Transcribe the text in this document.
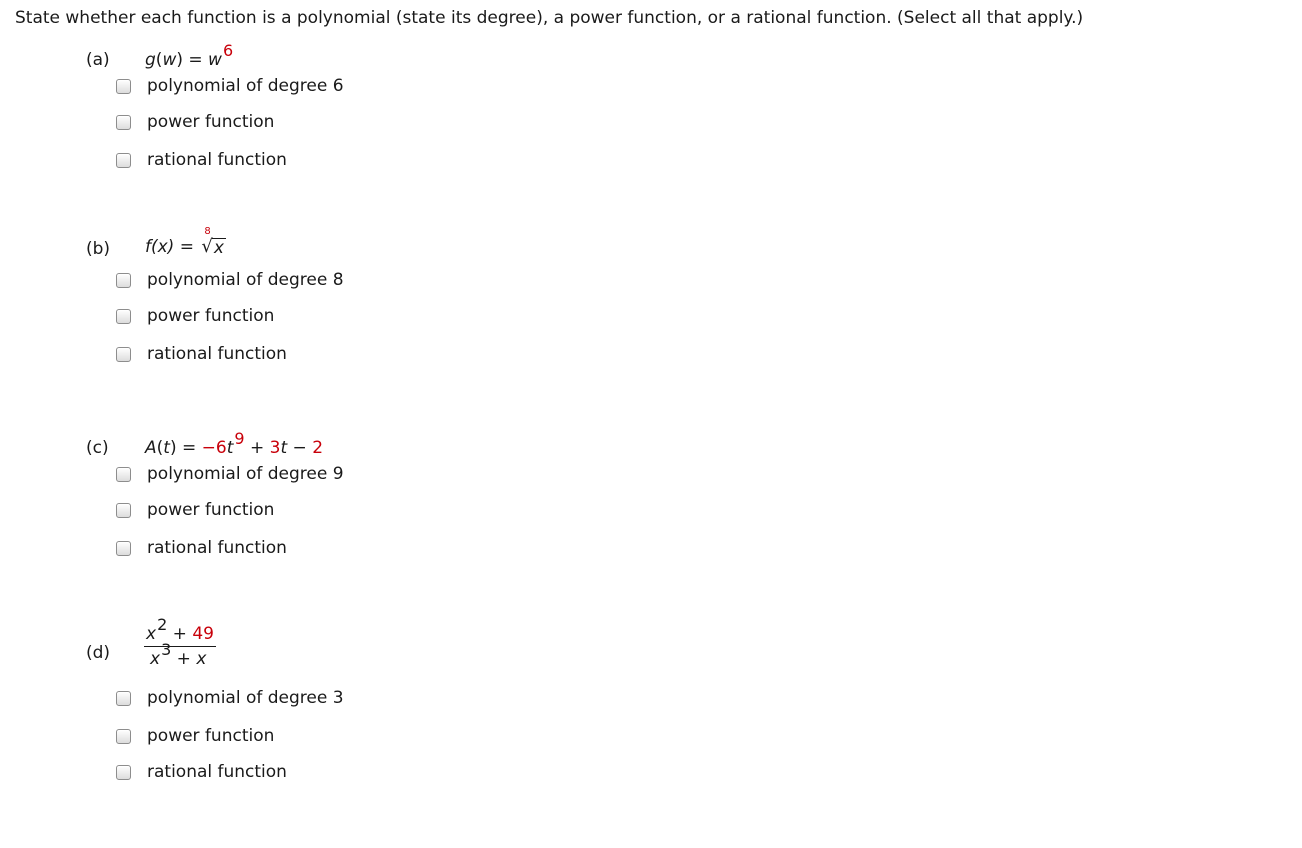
State whether each function is a polynomial (state its degree), a power function, or a rational function. (Select all that apply.)
(a) g(w) = w6
polynomial of degree 6
power function
rational function
(b) f(x) =
8
√ x
polynomial of degree 8
power function
rational function
(c) A(t) = −6t9 + 3t − 2
polynomial of degree 9
power function
rational function
$(d) \frac{x2 + 49}{x3 + x}$
polynomial of degree 3
power function
rational function
